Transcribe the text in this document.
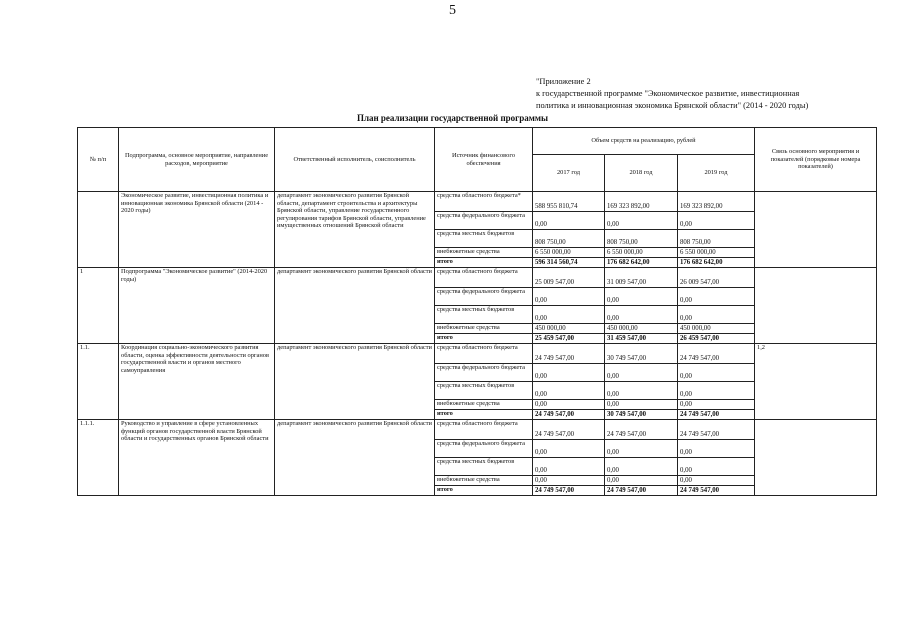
5
"Приложение 2
к государственной программе "Экономическое развитие, инвестиционная
политика и инновационная экономика Брянской области" (2014 - 2020 годы)
План реализации государственной программы
№ п/п	Подпрограмма, основное мероприятие, направление расходов, мероприятие	Ответственный исполнитель, соисполнитель	Источник финансового обеспечения	Объем средств на реализацию, рублей			Связь основного мероприятия и показателей (порядковые номера показателей)
				2017 год	2018 год	2019 год	
	Экономическое развитие, инвестиционная политика и инновационная экономика Брянской области (2014 - 2020 годы)	департамент экономического развития Брянской области, департамент строительства и архитектуры Брянской области, управление государственного регулирования тарифов Брянской области, управление имущественных отношений Брянской области	средства областного бюджета*	588 955 810,74	169 323 892,00	169 323 892,00	
			средства федерального бюджета	0,00	0,00	0,00	
			средства местных бюджетов	808 750,00	808 750,00	808 750,00	
			внебюжетные средства	6 550 000,00	6 550 000,00	6 550 000,00	
			итого	596 314 560,74	176 682 642,00	176 682 642,00	
1	Подпрограмма "Экономическое развитие" (2014-2020 годы)	департамент экономического развития Брянской области	средства областного бюджета	25 009 547,00	31 009 547,00	26 009 547,00	
			средства федерального бюджета	0,00	0,00	0,00	
			средства местных бюджетов	0,00	0,00	0,00	
			внебюжетные средства	450 000,00	450 000,00	450 000,00	
			итого	25 459 547,00	31 459 547,00	26 459 547,00	
1.1.	Координация социально-экономического развития области, оценка эффективности деятельности органов государственной власти и органов местного самоуправления	департамент экономического развития Брянской области	средства областного бюджета	24 749 547,00	30 749 547,00	24 749 547,00	1,2
			средства федерального бюджета	0,00	0,00	0,00	
			средства местных бюджетов	0,00	0,00	0,00	
			внебюжетные средства	0,00	0,00	0,00	
			итого	24 749 547,00	30 749 547,00	24 749 547,00	
1.1.1.	Руководство и управление в сфере установленных функций органов государственной власти Брянской области и государственных органов Брянской области	департамент экономического развития Брянской области	средства областного бюджета	24 749 547,00	24 749 547,00	24 749 547,00	
			средства федерального бюджета	0,00	0,00	0,00	
			средства местных бюджетов	0,00	0,00	0,00	
			внебюжетные средства	0,00	0,00	0,00	
			итого	24 749 547,00	24 749 547,00	24 749 547,00	
